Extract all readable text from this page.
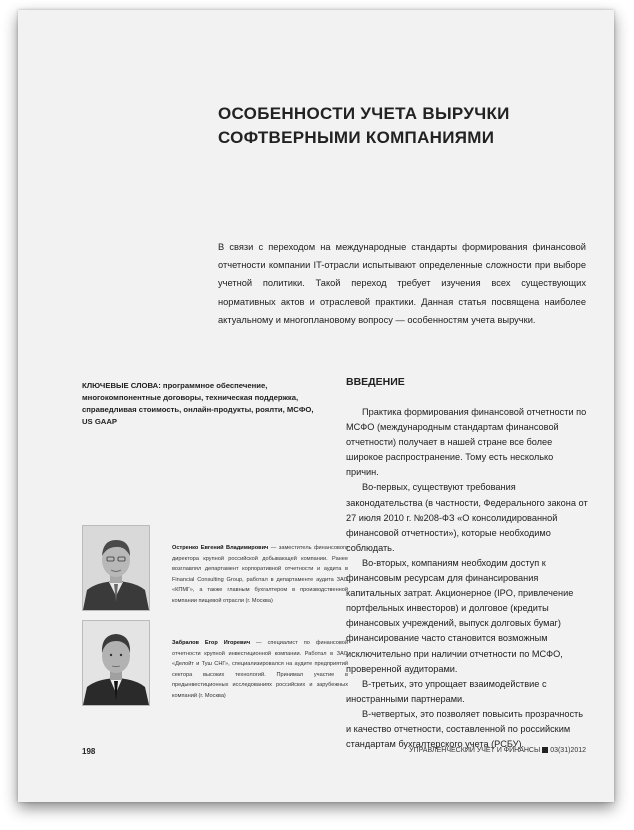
ОСОБЕННОСТИ УЧЕТА ВЫРУЧКИ
СОФТВЕРНЫМИ КОМПАНИЯМИ
В связи с переходом на международные стандарты формирования финансовой отчетности компании IT-отрасли испытывают определенные сложности при выборе учетной политики. Такой переход требует изучения всех существующих нормативных актов и отраслевой практики. Данная статья посвящена наиболее актуальному и многоплановому вопросу — особенностям учета выручки.
КЛЮЧЕВЫЕ СЛОВА: программное обеспечение, многокомпонентные договоры, техническая поддержка, справедливая стоимость, онлайн-продукты, роялти, МСФО, US GAAP
ВВЕДЕНИЕ

Практика формирования финансовой отчетности по МСФО (международным стандартам финансовой отчетности) получает в нашей стране все более широкое распространение. Тому есть несколько причин.

Во-первых, существуют требования законодательства (в частности, Федерального закона от 27 июля 2010 г. №208-ФЗ «О консолидированной финансовой отчетности»), которые необходимо соблюдать.

Во-вторых, компаниям необходим доступ к финансовым ресурсам для финансирования капитальных затрат. Акционерное (IPO, привлечение портфельных инвесторов) и долговое (кредиты финансовых учреждений, выпуск долговых бумаг) финансирование часто становится возможным исключительно при наличии отчетности по МСФО, проверенной аудиторами.

В-третьих, это упрощает взаимодействие с иностранными партнерами.

В-четвертых, это позволяет повысить прозрачность и качество отчетности, составленной по российским стандартам бухгалтерского учета (РСБУ).

Остренко Евгений Владимирович — заместитель финансового директора крупной российской добывающей компании. Ранее возглавлял департамент корпоративной отчетности и аудита в Financial Consulting Group, работал в департаменте аудита ЗАО «КПМГ», а также главным бухгалтером в производственной компании пищевой отрасли (г. Москва)
Забралов Егор Игоревич — специалист по финансовой отчетности крупной инвестиционной компании. Работал в ЗАО «Делойт и Туш СНГ», специализировался на аудите предприятий сектора высоких технологий. Принимал участие в предынвестиционных исследованиях российских и зарубежных компаний (г. Москва)
198	УПРАВЛЕНЧЕСКИЙ УЧЕТ И ФИНАНСЫ 03(31)2012
